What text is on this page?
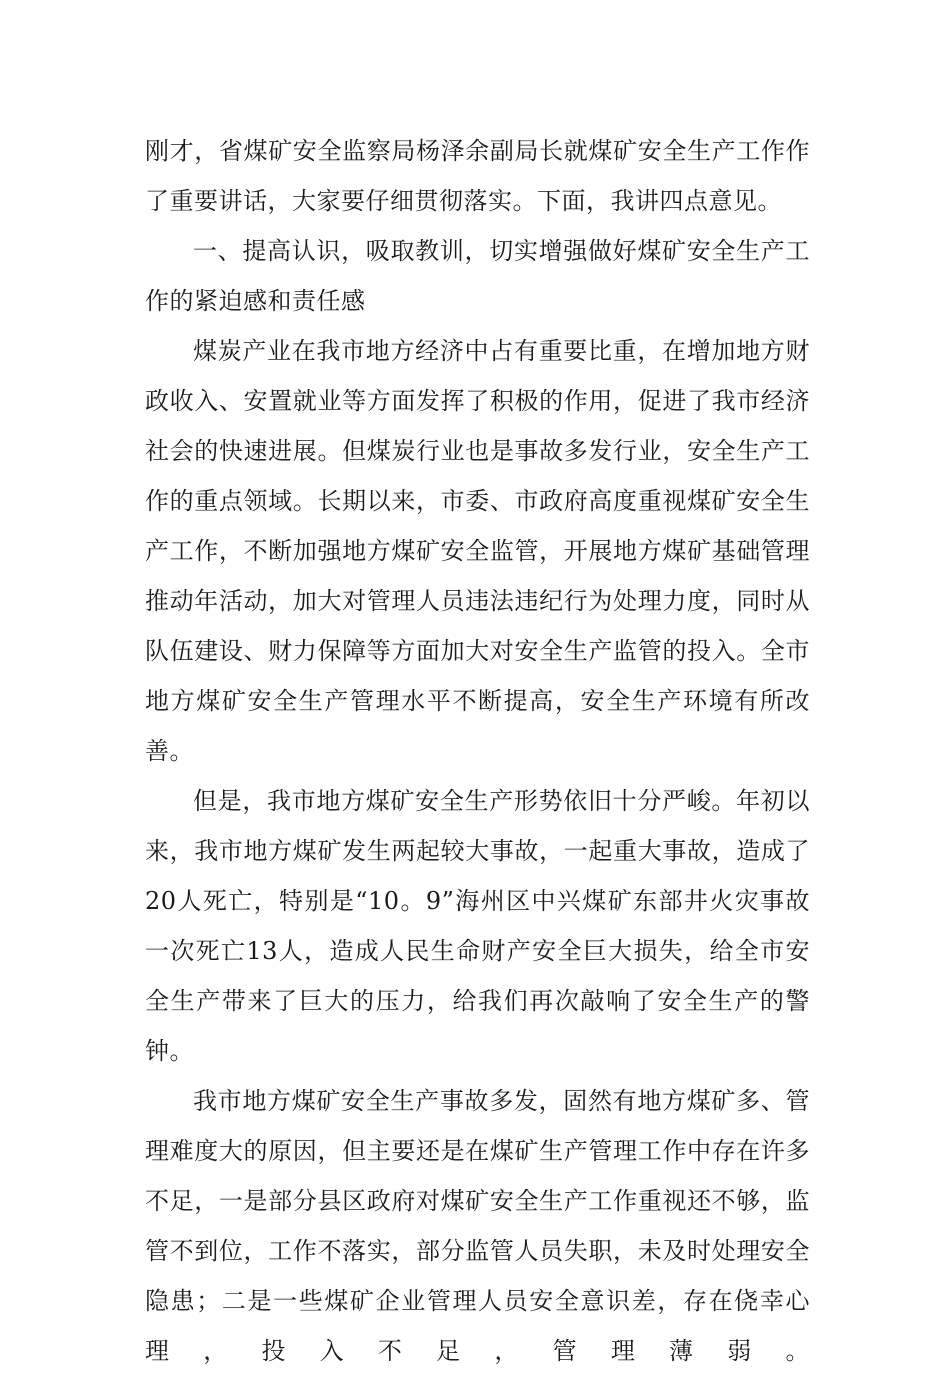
刚才，省煤矿安全监察局杨泽余副局长就煤矿安全生产工作作了重要讲话，大家要仔细贯彻落实。下面，我讲四点意见。

一、提高认识，吸取教训，切实增强做好煤矿安全生产工作的紧迫感和责任感

煤炭产业在我市地方经济中占有重要比重，在增加地方财政收入、安置就业等方面发挥了积极的作用，促进了我市经济社会的快速进展。但煤炭行业也是事故多发行业，安全生产工作的重点领域。长期以来，市委、市政府高度重视煤矿安全生产工作，不断加强地方煤矿安全监管，开展地方煤矿基础管理推动年活动，加大对管理人员违法违纪行为处理力度，同时从队伍建设、财力保障等方面加大对安全生产监管的投入。全市地方煤矿安全生产管理水平不断提高，安全生产环境有所改善。

但是，我市地方煤矿安全生产形势依旧十分严峻。年初以来，我市地方煤矿发生两起较大事故，一起重大事故，造成了20人死亡，特别是“10。9”海州区中兴煤矿东部井火灾事故一次死亡13人，造成人民生命财产安全巨大损失，给全市安全生产带来了巨大的压力，给我们再次敲响了安全生产的警钟。

我市地方煤矿安全生产事故多发，固然有地方煤矿多、管理难度大的原因，但主要还是在煤矿生产管理工作中存在许多不足，一是部分县区政府对煤矿安全生产工作重视还不够，监管不到位，工作不落实，部分监管人员失职，未及时处理安全隐患；二是一些煤矿企业管理人员安全意识差，存在侥幸心理，投入不足，管理薄弱。
